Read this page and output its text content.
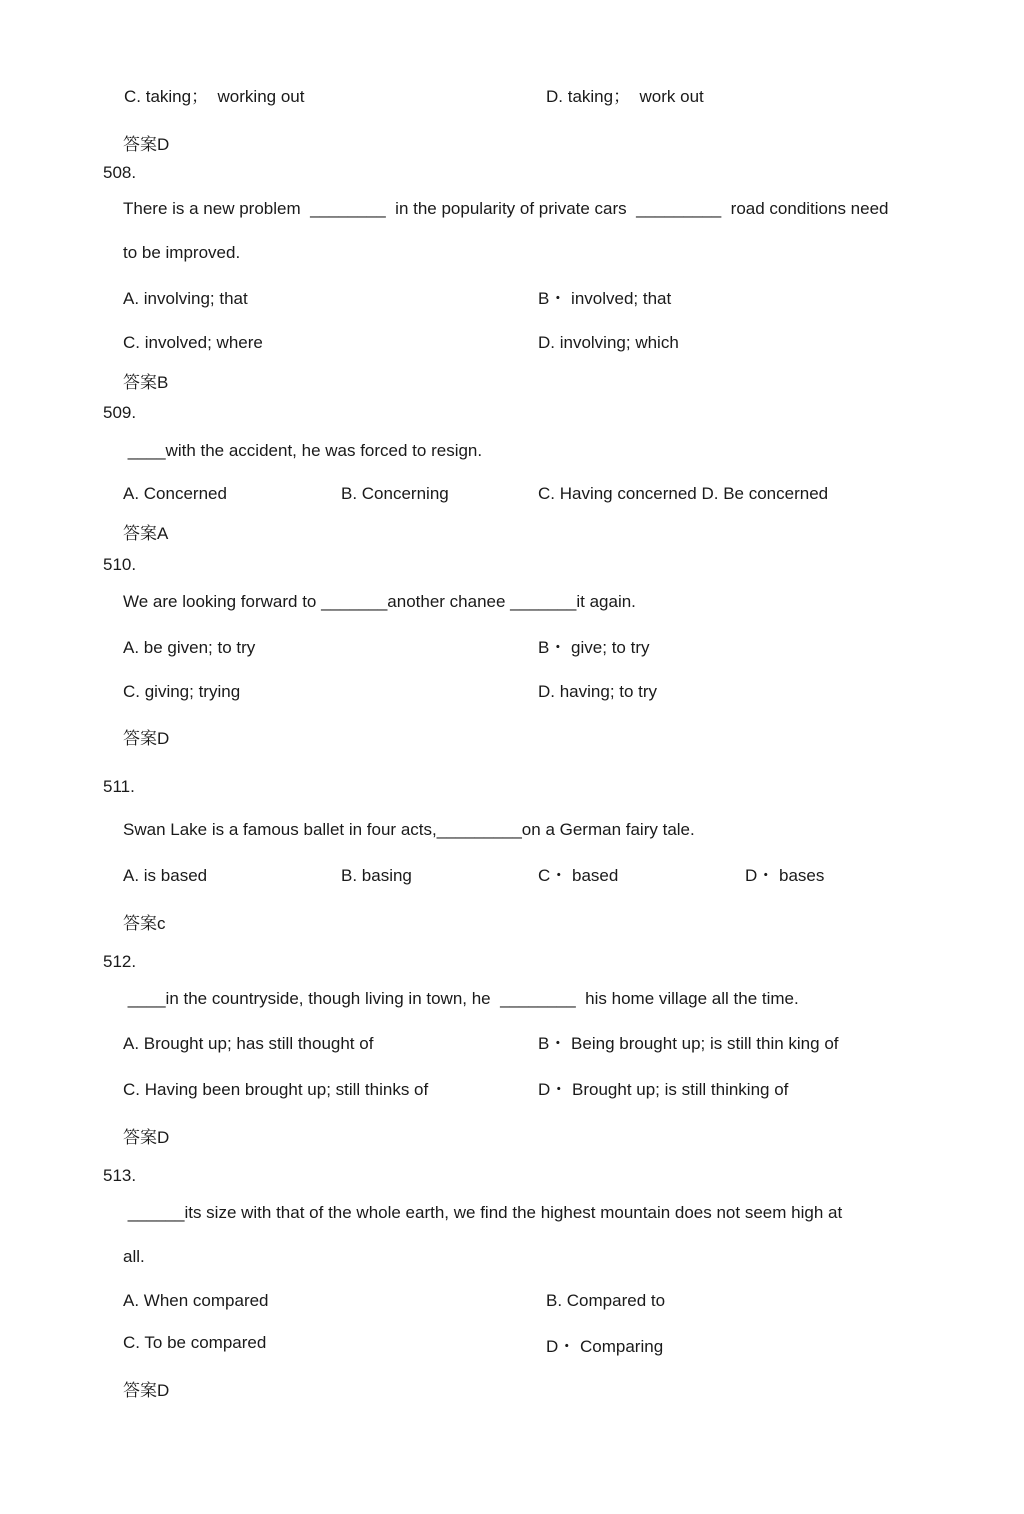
C. taking；  working out	D. taking；  work out
答案D
508.
There is a new problem  ________  in the popularity of private cars  _________  road conditions need
to be improved.
A. involving; that	B・ involved; that
C. involved; where	D. involving; which
答案B
509.
____with the accident, he was forced to resign.
A. Concerned	B. Concerning	C. Having concerned D. Be concerned
答案A
510.
We are looking forward to _______another chanee _______it again.
A. be given; to try	B・ give; to try
C. giving; trying	D. having; to try
答案D
511.
Swan Lake is a famous ballet in four acts,_________on a German fairy tale.
A. is based	B. basing	C・ based	D・ bases
答案c
512.
____in the countryside, though living in town, he  ________  his home village all the time.
A. Brought up; has still thought of	B・ Being brought up; is still thin king of
C. Having been brought up; still thinks of	D・ Brought up; is still thinking of
答案D
513.
______its size with that of the whole earth, we find the highest mountain does not seem high at
all.
A. When compared	B. Compared to
C. To be compared	D・ Comparing
答案D
